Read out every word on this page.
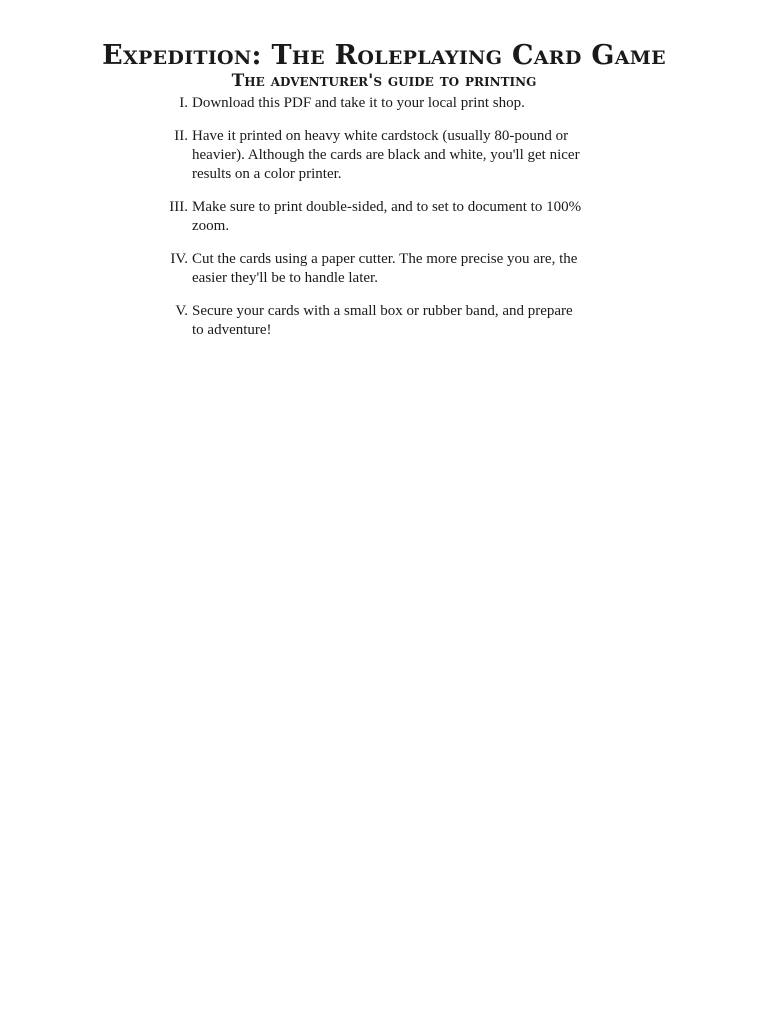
Expedition: The Roleplaying Card Game
The adventurer's guide to printing
I. Download this PDF and take it to your local print shop.
II. Have it printed on heavy white cardstock (usually 80-pound or heavier). Although the cards are black and white, you'll get nicer results on a color printer.
III. Make sure to print double-sided, and to set to document to 100% zoom.
IV. Cut the cards using a paper cutter. The more precise you are, the easier they'll be to handle later.
V. Secure your cards with a small box or rubber band, and prepare to adventure!
